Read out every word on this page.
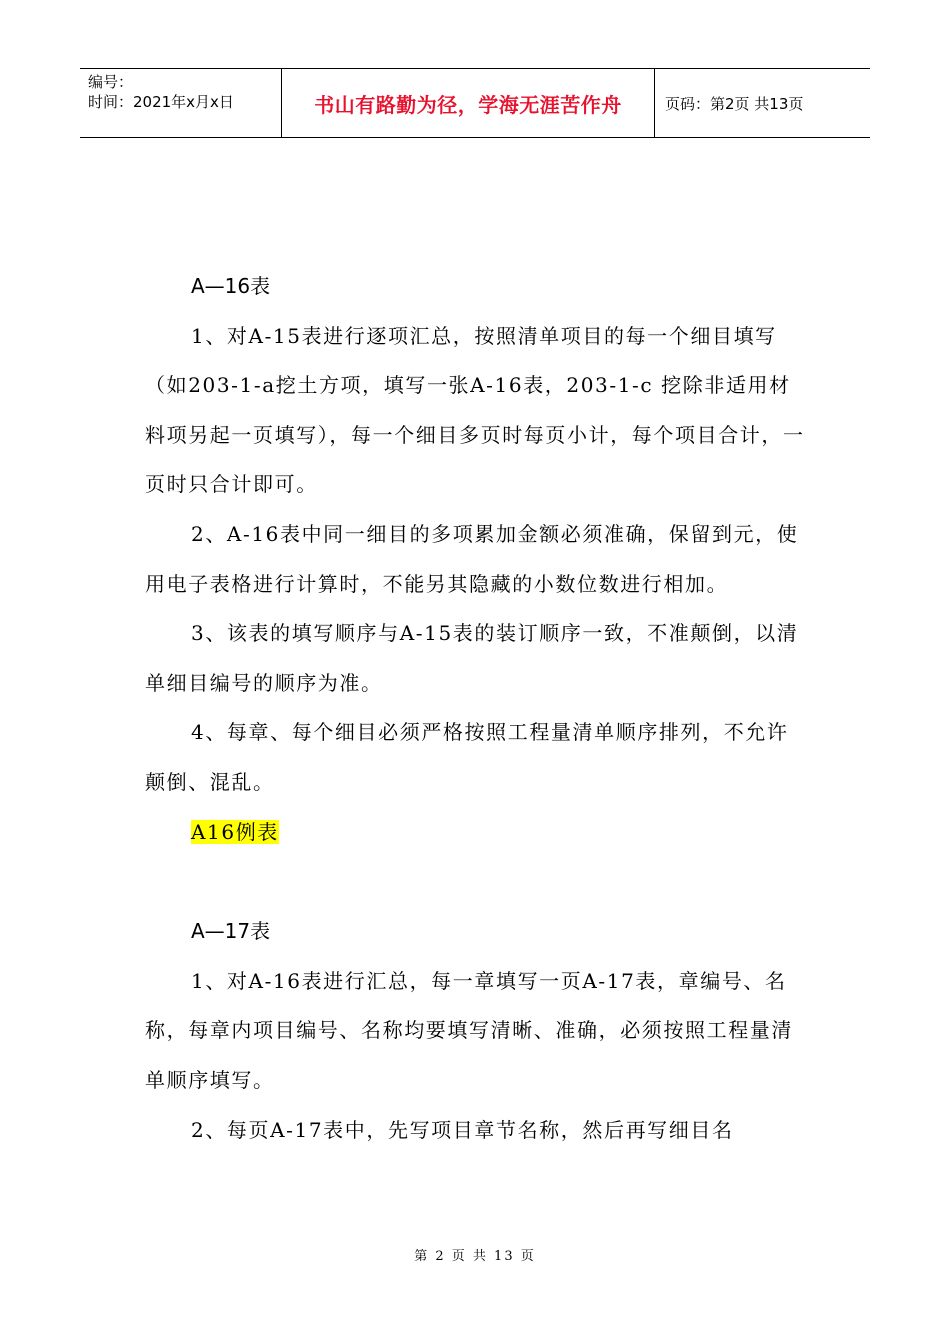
编号：
时间：2021年x月x日	书山有路勤为径，学海无涯苦作舟	页码：第2页 共13页
A—16表

1、对A-15表进行逐项汇总，按照清单项目的每一个细目填写（如203-1-a挖土方项，填写一张A-16表，203-1-c 挖除非适用材料项另起一页填写），每一个细目多页时每页小计，每个项目合计，一页时只合计即可。

2、A-16表中同一细目的多项累加金额必须准确，保留到元，使用电子表格进行计算时，不能另其隐藏的小数位数进行相加。

3、该表的填写顺序与A-15表的装订顺序一致，不准颠倒，以清单细目编号的顺序为准。

4、每章、每个细目必须严格按照工程量清单顺序排列，不允许颠倒、混乱。

A16例表
A—17表

1、对A-16表进行汇总，每一章填写一页A-17表，章编号、名称，每章内项目编号、名称均要填写清晰、准确，必须按照工程量清单顺序填写。

2、每页A-17表中，先写项目章节名称，然后再写细目名

第 2 页 共 13 页
